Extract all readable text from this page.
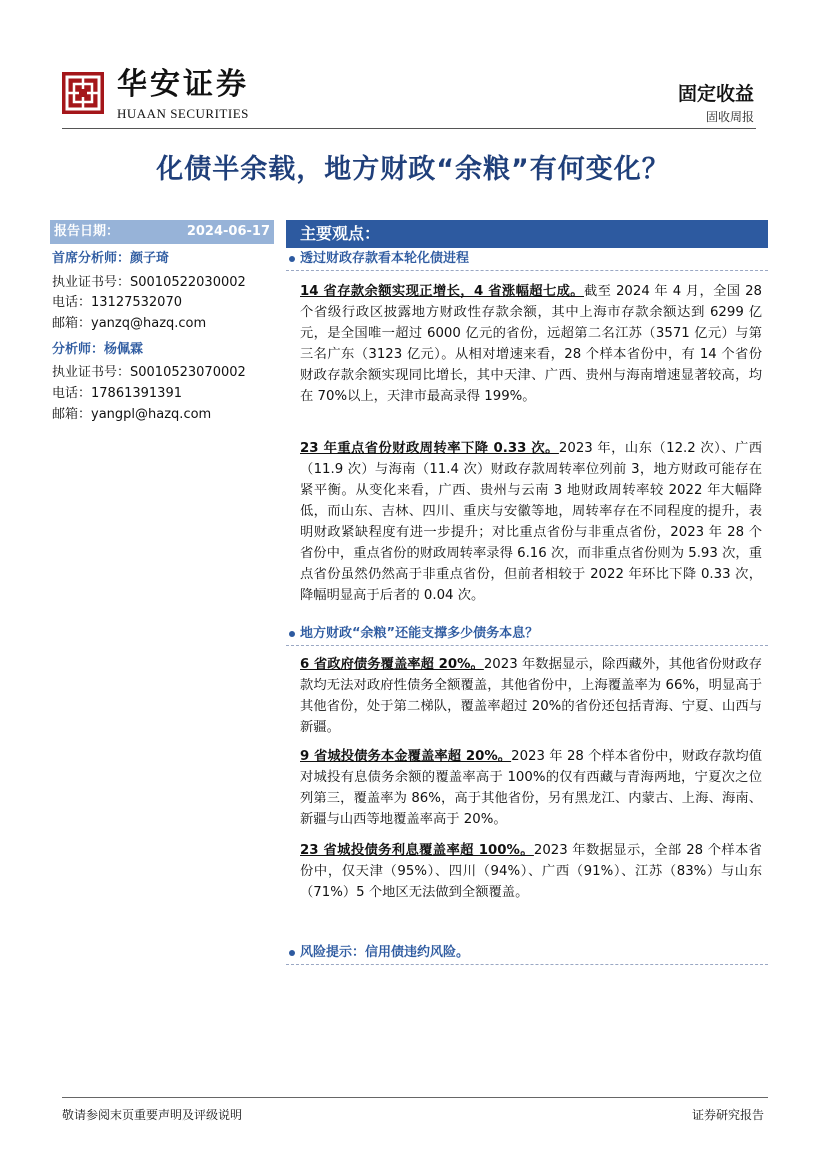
华安证券
HUAAN SECURITIES
固定收益
固收周报
化债半余载，地方财政“余粮”有何变化？
报告日期：	2024-06-17
首席分析师：颜子琦
执业证书号：S0010522030002
电话：13127532070
邮箱：yanzq@hazq.com
分析师：杨佩霖
执业证书号：S0010523070002
电话：17861391391
邮箱：yangpl@hazq.com
主要观点：
透过财政存款看本轮化债进程

14 省存款余额实现正增长，4 省涨幅超七成。截至 2024 年 4 月，全国 28 个省级行政区披露地方财政性存款余额，其中上海市存款余额达到 6299 亿元，是全国唯一超过 6000 亿元的省份，远超第二名江苏（3571 亿元）与第三名广东（3123 亿元）。从相对增速来看，28 个样本省份中，有 14 个省份财政存款余额实现同比增长，其中天津、广西、贵州与海南增速显著较高，均在 70%以上，天津市最高录得 199%。

23 年重点省份财政周转率下降 0.33 次。2023 年，山东（12.2 次）、广西（11.9 次）与海南（11.4 次）财政存款周转率位列前 3，地方财政可能存在紧平衡。从变化来看，广西、贵州与云南 3 地财政周转率较 2022 年大幅降低，而山东、吉林、四川、重庆与安徽等地，周转率存在不同程度的提升，表明财政紧缺程度有进一步提升；对比重点省份与非重点省份，2023 年 28 个省份中，重点省份的财政周转率录得 6.16 次，而非重点省份则为 5.93 次，重点省份虽然仍然高于非重点省份，但前者相较于 2022 年环比下降 0.33 次，降幅明显高于后者的 0.04 次。

地方财政“余粮”还能支撑多少债务本息？

6 省政府债务覆盖率超 20%。2023 年数据显示，除西藏外，其他省份财政存款均无法对政府性债务全额覆盖，其他省份中，上海覆盖率为 66%，明显高于其他省份，处于第二梯队，覆盖率超过 20%的省份还包括青海、宁夏、山西与新疆。

9 省城投债务本金覆盖率超 20%。2023 年 28 个样本省份中，财政存款均值对城投有息债务余额的覆盖率高于 100%的仅有西藏与青海两地，宁夏次之位列第三，覆盖率为 86%，高于其他省份，另有黑龙江、内蒙古、上海、海南、新疆与山西等地覆盖率高于 20%。

23 省城投债务利息覆盖率超 100%。2023 年数据显示，全部 28 个样本省份中，仅天津（95%）、四川（94%）、广西（91%）、江苏（83%）与山东（71%）5 个地区无法做到全额覆盖。

风险提示：信用债违约风险。
敬请参阅末页重要声明及评级说明	证券研究报告
